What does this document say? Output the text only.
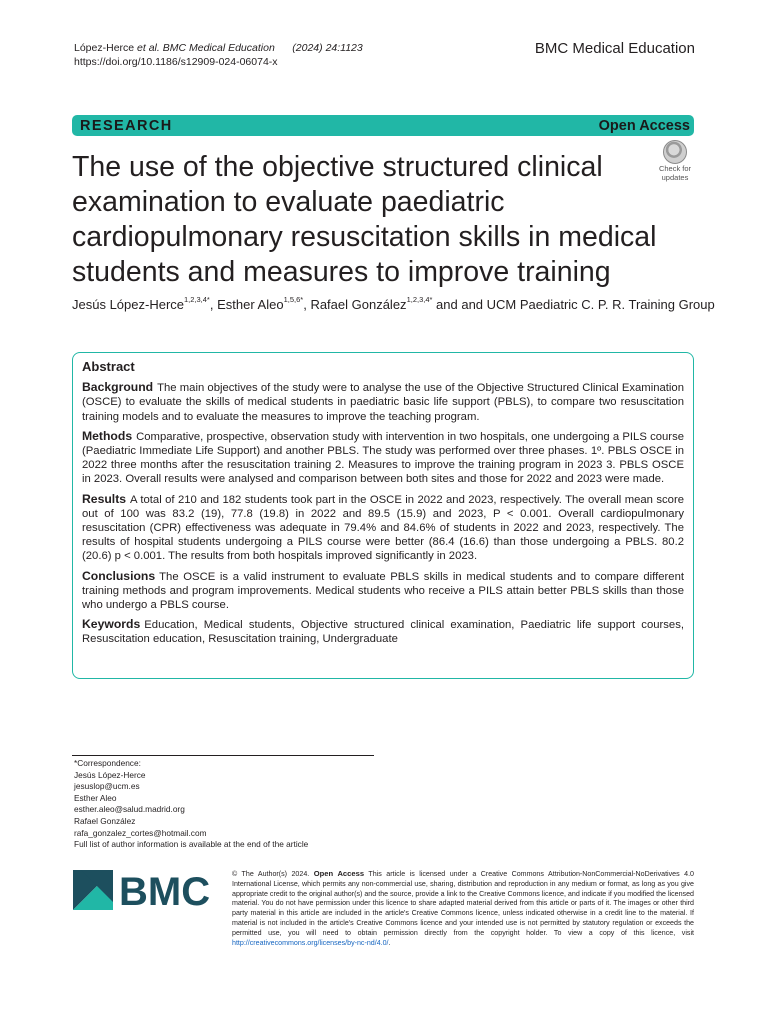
López-Herce et al. BMC Medical Education (2024) 24:1123
https://doi.org/10.1186/s12909-024-06074-x
BMC Medical Education
RESEARCH	Open Access
The use of the objective structured clinical examination to evaluate paediatric cardiopulmonary resuscitation skills in medical students and measures to improve training
Check for
updates
Jesús López-Herce$^{1,2,3,4*}$, Esther Aleo$^{1,5,6*}$, Rafael González$^{1,2,3,4*}$ and and UCM Paediatric C. P. R. Training Group
Abstract

Background The main objectives of the study were to analyse the use of the Objective Structured Clinical Examination (OSCE) to evaluate the skills of medical students in paediatric basic life support (PBLS), to compare two resuscitation training models and to evaluate the measures to improve the teaching program.

Methods Comparative, prospective, observation study with intervention in two hospitals, one undergoing a PILS course (Paediatric Immediate Life Support) and another PBLS. The study was performed over three phases. 1º. PBLS OSCE in 2022 three months after the resuscitation training 2. Measures to improve the training program in 2023 3. PBLS OSCE in 2023. Overall results were analysed and comparison between both sites and those for 2022 and 2023 were made.

Results A total of 210 and 182 students took part in the OSCE in 2022 and 2023, respectively. The overall mean score out of 100 was 83.2 (19), 77.8 (19.8) in 2022 and 89.5 (15.9) and 2023, P < 0.001. Overall cardiopulmonary resuscitation (CPR) effectiveness was adequate in 79.4% and 84.6% of students in 2022 and 2023, respectively. The results of hospital students undergoing a PILS course were better (86.4 (16.6) than those undergoing a PBLS. 80.2 (20.6) p < 0.001. The results from both hospitals improved significantly in 2023.

Conclusions The OSCE is a valid instrument to evaluate PBLS skills in medical students and to compare different training methods and program improvements. Medical students who receive a PILS attain better PBLS skills than those who undergo a PBLS course.

Keywords Education, Medical students, Objective structured clinical examination, Paediatric life support courses, Resuscitation education, Resuscitation training, Undergraduate

*Correspondence:
Jesús López-Herce
jesuslop@ucm.es
Esther Aleo
esther.aleo@salud.madrid.org
Rafael González
rafa_gonzalez_cortes@hotmail.com
Full list of author information is available at the end of the article
BMC	© The Author(s) 2024. Open Access This article is licensed under a Creative Commons Attribution-NonCommercial-NoDerivatives 4.0 International License, which permits any non-commercial use, sharing, distribution and reproduction in any medium or format, as long as you give appropriate credit to the original author(s) and the source, provide a link to the Creative Commons licence, and indicate if you modified the licensed material. You do not have permission under this licence to share adapted material derived from this article or parts of it. The images or other third party material in this article are included in the article's Creative Commons licence, unless indicated otherwise in a credit line to the material. If material is not included in the article's Creative Commons licence and your intended use is not permitted by statutory regulation or exceeds the permitted use, you will need to obtain permission directly from the copyright holder. To view a copy of this licence, visit http://creativecommons.org/licenses/by-nc-nd/4.0/.
